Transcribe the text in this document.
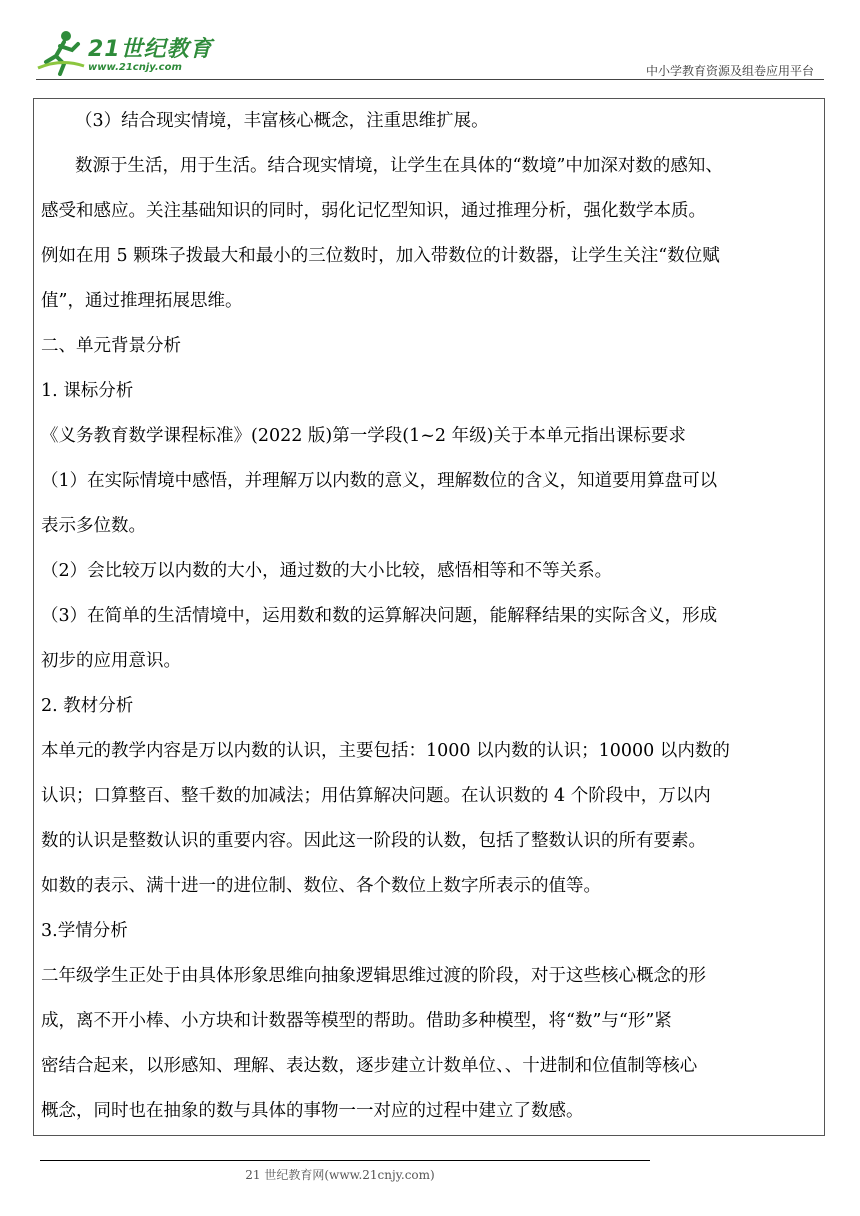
21世纪教育
www.21cnjy.com	中小学教育资源及组卷应用平台
（3）结合现实情境，丰富核心概念，注重思维扩展。
数源于生活，用于生活。结合现实情境，让学生在具体的“数境”中加深对数的感知、
感受和感应。关注基础知识的同时，弱化记忆型知识，通过推理分析，强化数学本质。
例如在用 5 颗珠子拨最大和最小的三位数时，加入带数位的计数器，让学生关注“数位赋
值”，通过推理拓展思维。
二、单元背景分析
1. 课标分析
《义务教育数学课程标准》(2022 版)第一学段(1~2 年级)关于本单元指出课标要求
（1）在实际情境中感悟，并理解万以内数的意义，理解数位的含义，知道要用算盘可以
表示多位数。
（2）会比较万以内数的大小，通过数的大小比较，感悟相等和不等关系。
（3）在简单的生活情境中，运用数和数的运算解决问题，能解释结果的实际含义，形成
初步的应用意识。
2. 教材分析
本单元的教学内容是万以内数的认识，主要包括：1000 以内数的认识；10000 以内数的
认识；口算整百、整千数的加减法；用估算解决问题。在认识数的 4 个阶段中，万以内
数的认识是整数认识的重要内容。因此这一阶段的认数，包括了整数认识的所有要素。
如数的表示、满十进一的进位制、数位、各个数位上数字所表示的值等。
3.学情分析
二年级学生正处于由具体形象思维向抽象逻辑思维过渡的阶段，对于这些核心概念的形
成，离不开小棒、小方块和计数器等模型的帮助。借助多种模型，将“数”与“形”紧
密结合起来，以形感知、理解、表达数，逐步建立计数单位、、十进制和位值制等核心
概念，同时也在抽象的数与具体的事物一一对应的过程中建立了数感。
21 世纪教育网(www.21cnjy.com)
